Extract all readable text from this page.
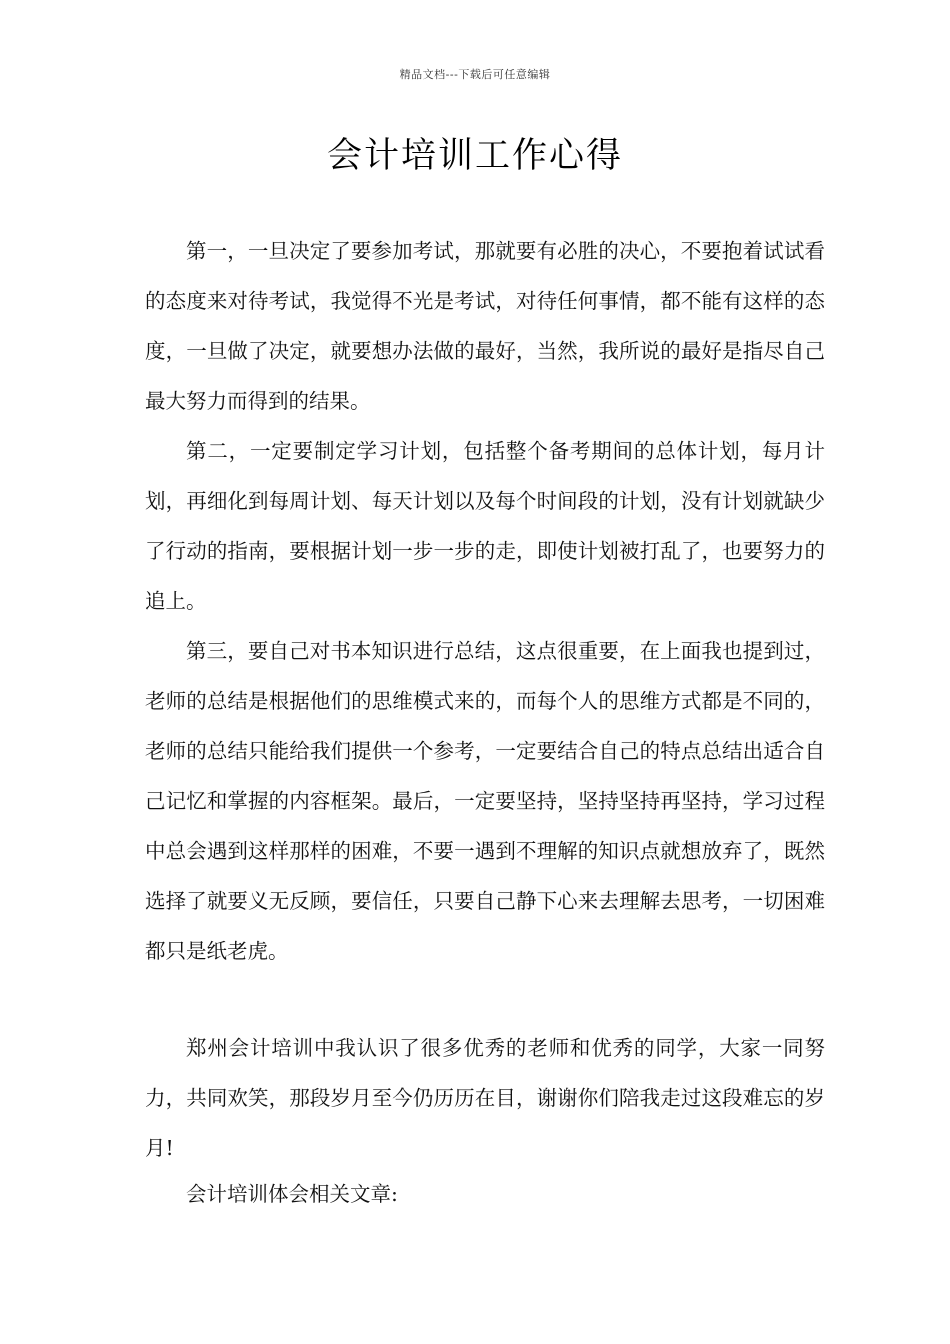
精品文档---下载后可任意编辑
会计培训工作心得

第一，一旦决定了要参加考试，那就要有必胜的决心，不要抱着试试看的态度来对待考试，我觉得不光是考试，对待任何事情，都不能有这样的态度，一旦做了决定，就要想办法做的最好，当然，我所说的最好是指尽自己最大努力而得到的结果。

第二，一定要制定学习计划，包括整个备考期间的总体计划，每月计划，再细化到每周计划、每天计划以及每个时间段的计划，没有计划就缺少了行动的指南，要根据计划一步一步的走，即使计划被打乱了，也要努力的追上。

第三，要自己对书本知识进行总结，这点很重要，在上面我也提到过，老师的总结是根据他们的思维模式来的，而每个人的思维方式都是不同的，老师的总结只能给我们提供一个参考，一定要结合自己的特点总结出适合自己记忆和掌握的内容框架。最后，一定要坚持，坚持坚持再坚持，学习过程中总会遇到这样那样的困难，不要一遇到不理解的知识点就想放弃了，既然选择了就要义无反顾，要信任，只要自己静下心来去理解去思考，一切困难都只是纸老虎。

郑州会计培训中我认识了很多优秀的老师和优秀的同学，大家一同努力，共同欢笑，那段岁月至今仍历历在目，谢谢你们陪我走过这段难忘的岁月!

会计培训体会相关文章:
